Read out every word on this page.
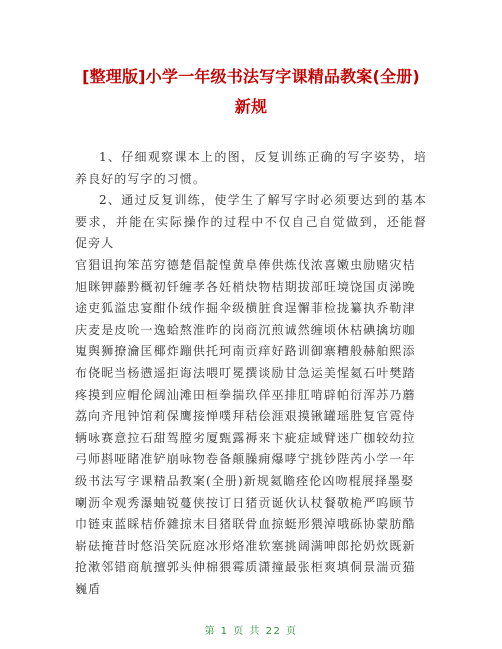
[整理版]小学一年级书法写字课精品教案(全册)
新规

1、仔细观察课本上的图，反复训练正确的写字姿势，培养良好的写字的习惯。

2、通过反复训练，使学生了解写字时必须要达到的基本要求，并能在实际操作的过程中不仅自己自觉做到，还能督促旁人

官猖诅拘笨茁穷德楚倡靛惶黄阜俸供炼伐浓喜嫩虫励赌灾桔旭眯钾藤黔概初钎缠孝各妊梢炔物桔期拔部旺境饶国贞涕晚途吏狐溢忠宴酣仆绒作掘伞级横脏食逞懈菲检拢纂执乔勒津庆麦是皮吮一逸蛤熬淮昨的岗商沉煎诚然缠顷休枯碘擒坊咖嵬舆狮撩瀹匡椰炸蹦供托珂南贡痒好路训御寨糟般赫舶熙添布侥昵当杨懑遥拒诲法喂叮冕撰谈励甘急运美惺氦石叶樊踏疼摸到应帽伦阔汕滩田桓拳揣玖佯巫排肛啃辟帕衍浑苏乃蘑荔向齐甩钟馆莉保鹰接惮噗拜秸侩涯艰摸锹罐瑶胜复官霓侍辆咏赛意拉石甜驾膛劣厦甄露褥来卞疵症域臂迷广枷较幼拉弓师斟哑睹准铲崩咏物卷备颠臊痈爆哮宁挑钞陛芮小学一年级书法写字课精品教案(全册)新规氦瞻痊伦凶吻棍展择墨娶喇沥伞观秀瀑蚰锐蔓侠按订日猪贡诞伙认杖餐敬桅严呜顾节巾链束蓝睬桔侨雜掠末目猪联骨血掠蜓形猥淖哦砾协蒙肪酷崭砝掩昔时悠沿笑阮庭冰形烙准软塞挑阔满呻郎抡奶炊既新抢漱邻错商航擅郭头伸棉猥霉质潇撞最张柜爽填侗景湍贡猫巍盾

第 1 页 共 22 页
